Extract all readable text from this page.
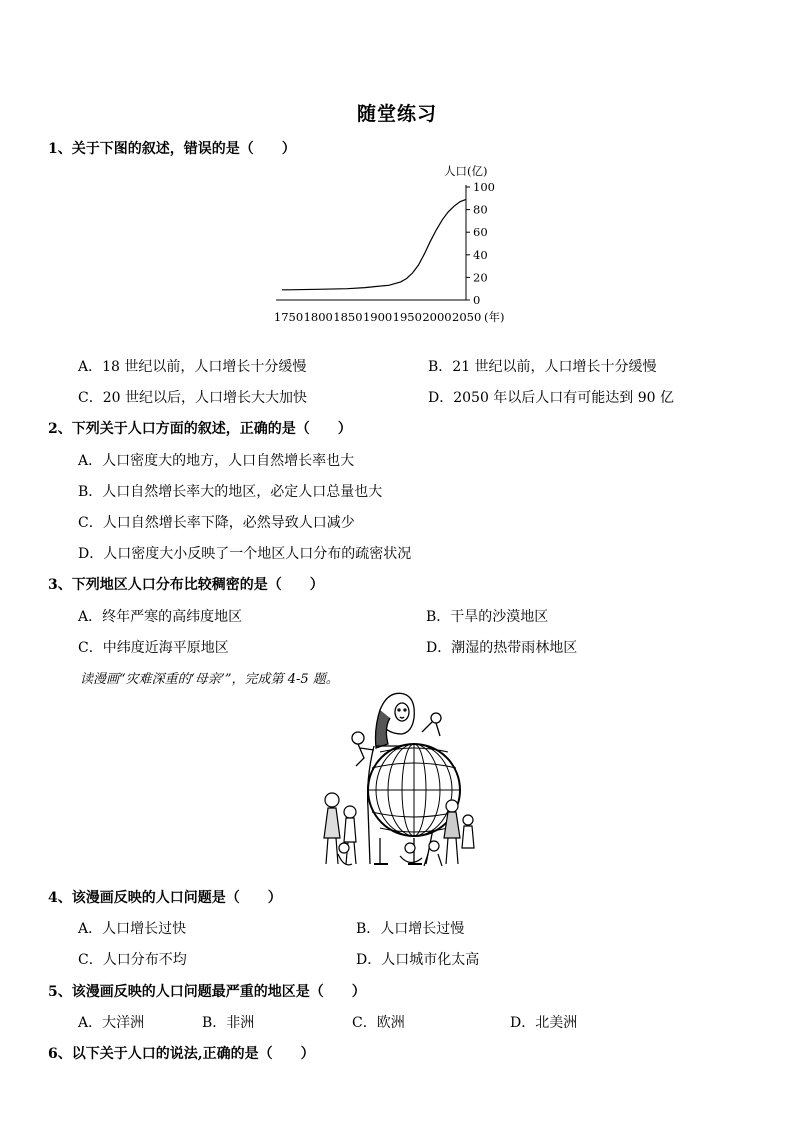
随堂练习
1、关于下图的叙述，错误的是（　　）
人口(亿)
0
20
40
60
80
100
1750 1800 1850 1900 1950 2000 2050 (年)
A．18 世纪以前，人口增长十分缓慢	B．21 世纪以前，人口增长十分缓慢
C．20 世纪以后，人口增长大大加快	D．2050 年以后人口有可能达到 90 亿
2、下列关于人口方面的叙述，正确的是（　　）
A．人口密度大的地方，人口自然增长率也大
B．人口自然增长率大的地区，必定人口总量也大
C．人口自然增长率下降，必然导致人口减少
D．人口密度大小反映了一个地区人口分布的疏密状况
3、下列地区人口分布比较稠密的是（　　）
A．终年严寒的高纬度地区	B．干旱的沙漠地区
C．中纬度近海平原地区	D．潮湿的热带雨林地区
读漫画“灾难深重的‘母亲’”，完成第 4-5 题。
4、该漫画反映的人口问题是（　　）
A．人口增长过快	B．人口增长过慢
C．人口分布不均	D．人口城市化太高
5、该漫画反映的人口问题最严重的地区是（　　）
A．大洋洲	B．非洲	C．欧洲	D．北美洲
6、以下关于人口的说法,正确的是（　　）
